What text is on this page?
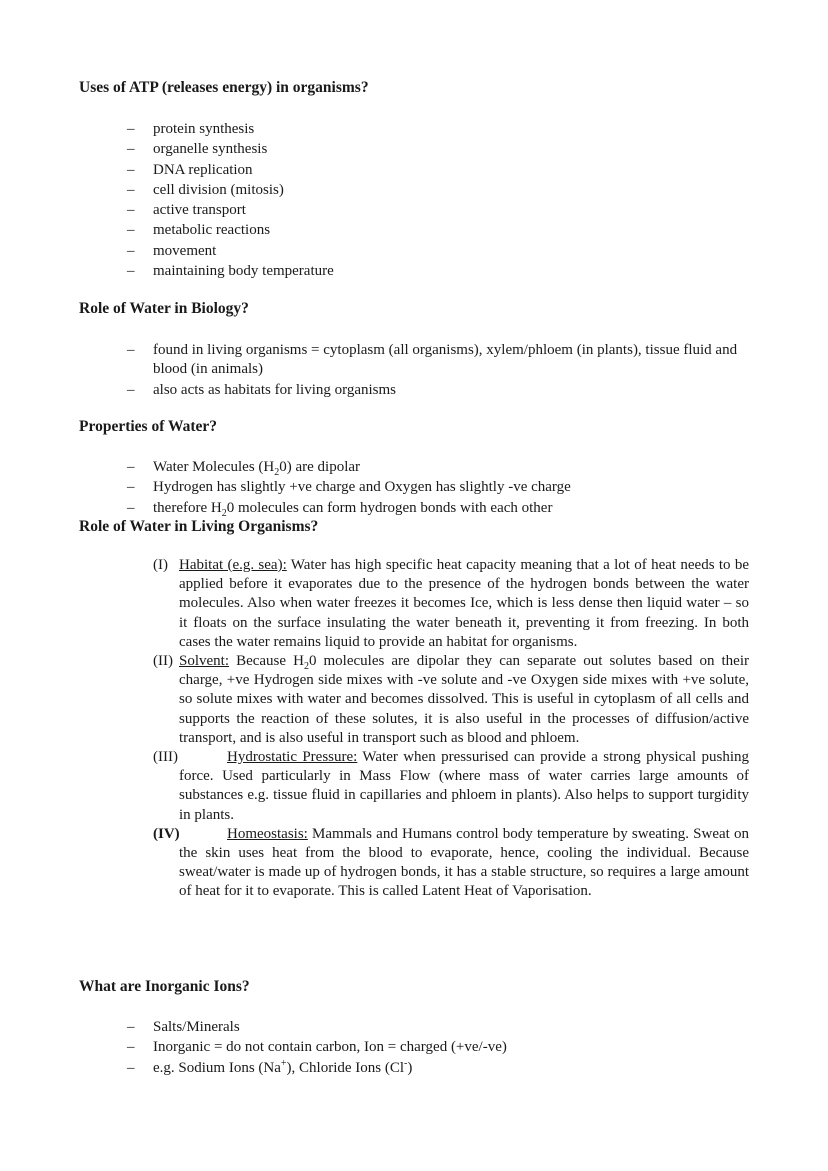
Uses of ATP (releases energy) in organisms?
– protein synthesis
– organelle synthesis
– DNA replication
– cell division (mitosis)
– active transport
– metabolic reactions
– movement
– maintaining body temperature
Role of Water in Biology?
– found in living organisms = cytoplasm (all organisms), xylem/phloem (in plants), tissue fluid and blood (in animals)
– also acts as habitats for living organisms
Properties of Water?
– Water Molecules $(H_20)$ are dipolar
– Hydrogen has slightly +ve charge and Oxygen has slightly -ve charge
– therefore $H_20$ molecules can form hydrogen bonds with each other
Role of Water in Living Organisms?
(I) Habitat (e.g. sea): Water has high specific heat capacity meaning that a lot of heat needs to be applied before it evaporates due to the presence of the hydrogen bonds between the water molecules. Also when water freezes it becomes Ice, which is less dense then liquid water – so it floats on the surface insulating the water beneath it, preventing it from freezing. In both cases the water remains liquid to provide an habitat for organisms.
(II) Solvent: Because $H_20$ molecules are dipolar they can separate out solutes based on their charge, +ve Hydrogen side mixes with -ve solute and -ve Oxygen side mixes with +ve solute, so solute mixes with water and becomes dissolved. This is useful in cytoplasm of all cells and supports the reaction of these solutes, it is also useful in the processes of diffusion/active transport, and is also useful in transport such as blood and phloem.
(III)	Hydrostatic Pressure: Water when pressurised can provide a strong physical pushing force. Used particularly in Mass Flow (where mass of water carries large amounts of substances e.g. tissue fluid in capillaries and phloem in plants). Also helps to support turgidity in plants.
(IV)	Homeostasis: Mammals and Humans control body temperature by sweating. Sweat on the skin uses heat from the blood to evaporate, hence, cooling the individual. Because sweat/water is made up of hydrogen bonds, it has a stable structure, so requires a large amount of heat for it to evaporate. This is called Latent Heat of Vaporisation.
What are Inorganic Ions?
– Salts/Minerals
– Inorganic = do not contain carbon, Ion = charged (+ve/-ve)
– e.g. Sodium Ions (Na+), Chloride Ions (Cl-)
